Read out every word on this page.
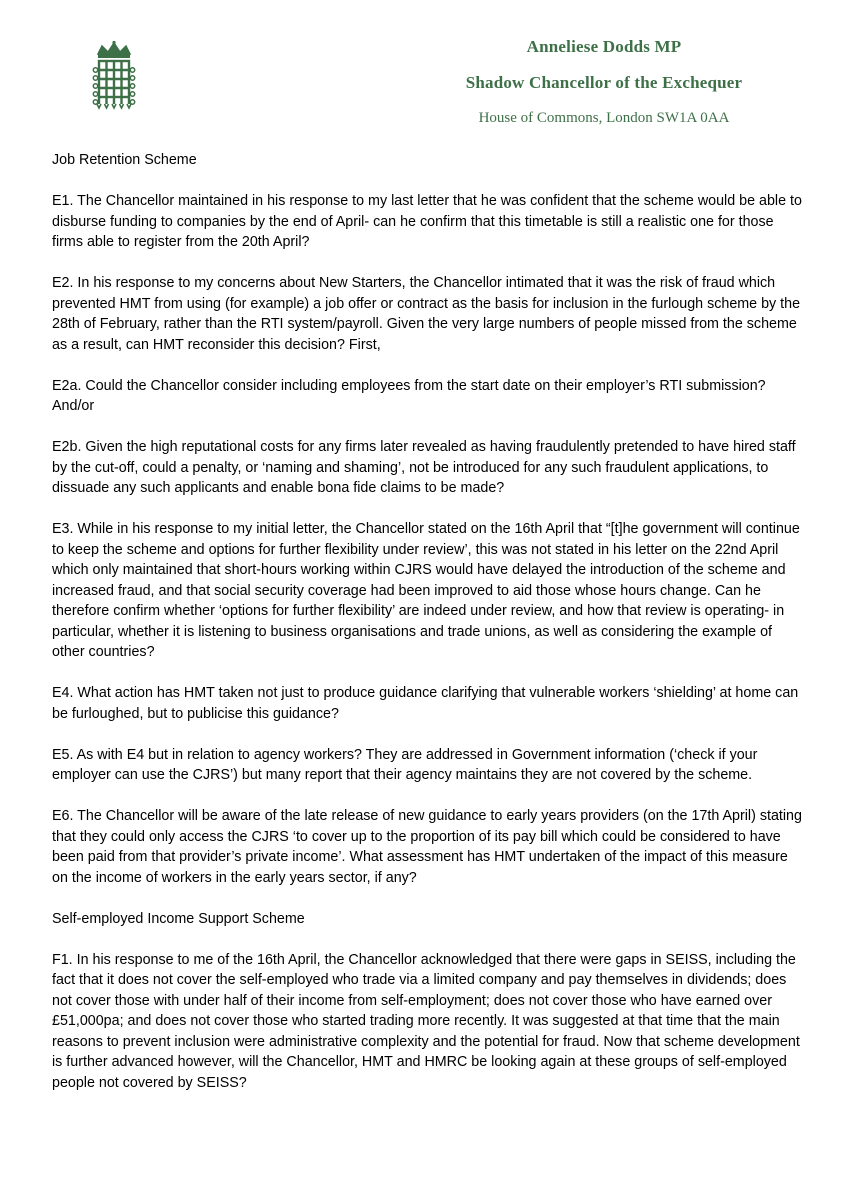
Anneliese Dodds MP
Shadow Chancellor of the Exchequer
House of Commons, London SW1A 0AA

Job Retention Scheme

E1. The Chancellor maintained in his response to my last letter that he was confident that the scheme would be able to disburse funding to companies by the end of April- can he confirm that this timetable is still a realistic one for those firms able to register from the 20th April?

E2. In his response to my concerns about New Starters, the Chancellor intimated that it was the risk of fraud which prevented HMT from using (for example) a job offer or contract as the basis for inclusion in the furlough scheme by the 28th of February, rather than the RTI system/payroll. Given the very large numbers of people missed from the scheme as a result, can HMT reconsider this decision? First,

E2a. Could the Chancellor consider including employees from the start date on their employer’s RTI submission? And/or

E2b. Given the high reputational costs for any firms later revealed as having fraudulently pretended to have hired staff by the cut-off, could a penalty, or ‘naming and shaming’, not be introduced for any such fraudulent applications, to dissuade any such applicants and enable bona fide claims to be made?

E3. While in his response to my initial letter, the Chancellor stated on the 16th April that “[t]he government will continue to keep the scheme and options for further flexibility under review’, this was not stated in his letter on the 22nd April which only maintained that short-hours working within CJRS would have delayed the introduction of the scheme and increased fraud, and that social security coverage had been improved to aid those whose hours change. Can he therefore confirm whether ‘options for further flexibility’ are indeed under review, and how that review is operating- in particular, whether it is listening to business organisations and trade unions, as well as considering the example of other countries?

E4. What action has HMT taken not just to produce guidance clarifying that vulnerable workers ‘shielding’ at home can be furloughed, but to publicise this guidance?

E5. As with E4 but in relation to agency workers? They are addressed in Government information (‘check if your employer can use the CJRS’) but many report that their agency maintains they are not covered by the scheme.

E6. The Chancellor will be aware of the late release of new guidance to early years providers (on the 17th April) stating that they could only access the CJRS ‘to cover up to the proportion of its pay bill which could be considered to have been paid from that provider’s private income’. What assessment has HMT undertaken of the impact of this measure on the income of workers in the early years sector, if any?

Self-employed Income Support Scheme

F1. In his response to me of the 16th April, the Chancellor acknowledged that there were gaps in SEISS, including the fact that it does not cover the self-employed who trade via a limited company and pay themselves in dividends; does not cover those with under half of their income from self-employment; does not cover those who have earned over £51,000pa; and does not cover those who started trading more recently. It was suggested at that time that the main reasons to prevent inclusion were administrative complexity and the potential for fraud. Now that scheme development is further advanced however, will the Chancellor, HMT and HMRC be looking again at these groups of self-employed people not covered by SEISS?
